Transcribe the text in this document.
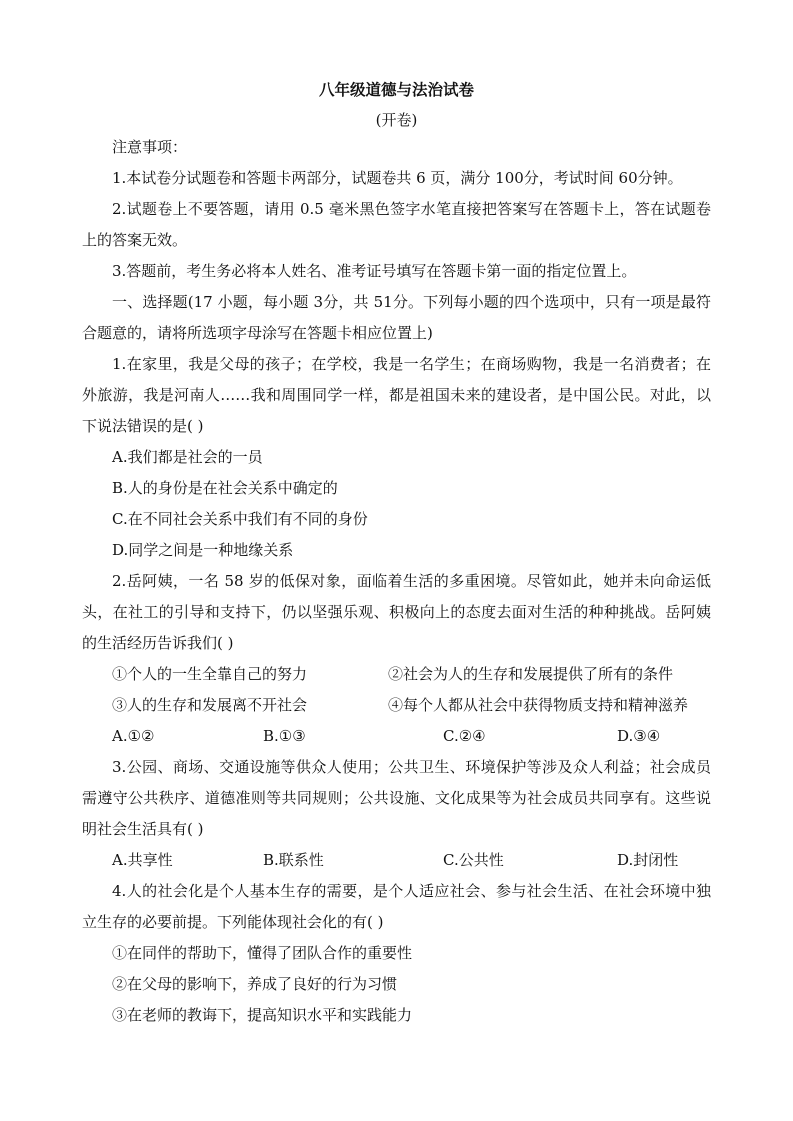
八年级道德与法治试卷
(开卷)

注意事项：

1.本试卷分试题卷和答题卡两部分，试题卷共 6 页，满分 100分，考试时间 60分钟。

2.试题卷上不要答题，请用 0.5 毫米黑色签字水笔直接把答案写在答题卡上，答在试题卷上的答案无效。

3.答题前，考生务必将本人姓名、准考证号填写在答题卡第一面的指定位置上。

一、选择题(17 小题，每小题 3分，共 51分。下列每小题的四个选项中，只有一项是最符合题意的，请将所选项字母涂写在答题卡相应位置上)

1.在家里，我是父母的孩子；在学校，我是一名学生；在商场购物，我是一名消费者；在外旅游，我是河南人……我和周围同学一样，都是祖国未来的建设者，是中国公民。对此，以下说法错误的是( )

A.我们都是社会的一员
B.人的身份是在社会关系中确定的
C.在不同社会关系中我们有不同的身份
D.同学之间是一种地缘关系

2.岳阿姨，一名 58 岁的低保对象，面临着生活的多重困境。尽管如此，她并未向命运低头，在社工的引导和支持下，仍以坚强乐观、积极向上的态度去面对生活的种种挑战。岳阿姨的生活经历告诉我们( )

①个人的一生全靠自己的努力	②社会为人的生存和发展提供了所有的条件
③人的生存和发展离不开社会	④每个人都从社会中获得物质支持和精神滋养
A.①②	B.①③	C.②④	D.③④

3.公园、商场、交通设施等供众人使用；公共卫生、环境保护等涉及众人利益；社会成员需遵守公共秩序、道德准则等共同规则；公共设施、文化成果等为社会成员共同享有。这些说明社会生活具有( )

A.共享性	B.联系性	C.公共性	D.封闭性

4.人的社会化是个人基本生存的需要，是个人适应社会、参与社会生活、在社会环境中独立生存的必要前提。下列能体现社会化的有( )

①在同伴的帮助下，懂得了团队合作的重要性
②在父母的影响下，养成了良好的行为习惯
③在老师的教诲下，提高知识水平和实践能力
